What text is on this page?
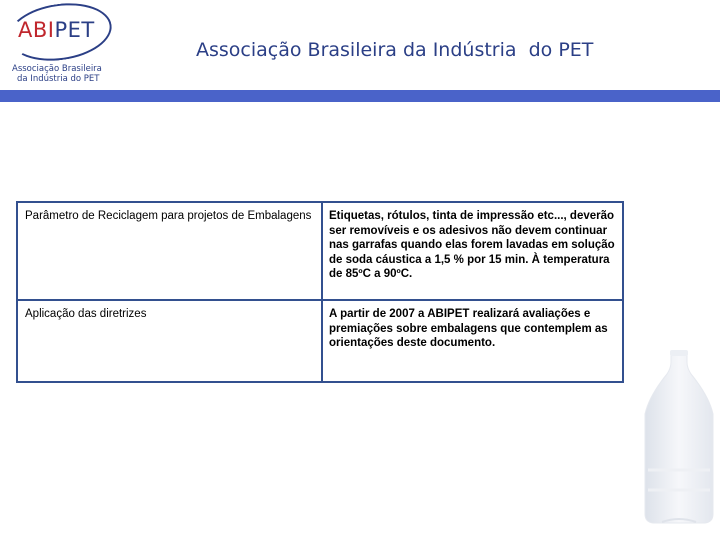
ABIPET
Associação Brasileira
da Indústria do PET
Associação Brasileira da Indústria  do PET
Parâmetro de Reciclagem para projetos de Embalagens	Etiquetas, rótulos, tinta de impressão etc..., deverão ser removíveis e os adesivos não devem continuar nas garrafas quando elas forem lavadas em solução de soda cáustica a 1,5 % por 15 min. À temperatura de 85ºC a 90ºC.
Aplicação das diretrizes	A partir de 2007 a ABIPET realizará avaliações e premiações sobre embalagens que contemplem as orientações deste documento.
